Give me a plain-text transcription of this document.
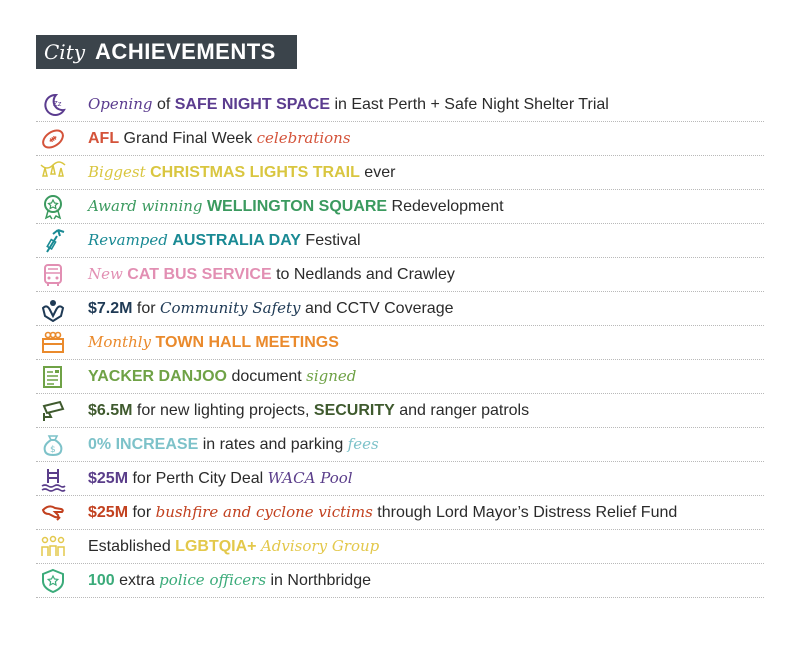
City ACHIEVEMENTS
Zz Opening of SAFE NIGHT SPACE in East Perth + Safe Night Shelter Trial
AFL Grand Final Week celebrations
Biggest CHRISTMAS LIGHTS TRAIL ever
Award winning WELLINGTON SQUARE Redevelopment
Revamped AUSTRALIA DAY Festival
New CAT BUS SERVICE to Nedlands and Crawley
$7.2M for Community Safety and CCTV Coverage
Monthly TOWN HALL MEETINGS
YACKER DANJOO document signed
$6.5M for new lighting projects, SECURITY and ranger patrols
$ 0% INCREASE in rates and parking fees
$25M for Perth City Deal WACA Pool
$25M for bushfire and cyclone victims through Lord Mayor’s Distress Relief Fund
Established LGBTQIA+ Advisory Group
100 extra police officers in Northbridge
